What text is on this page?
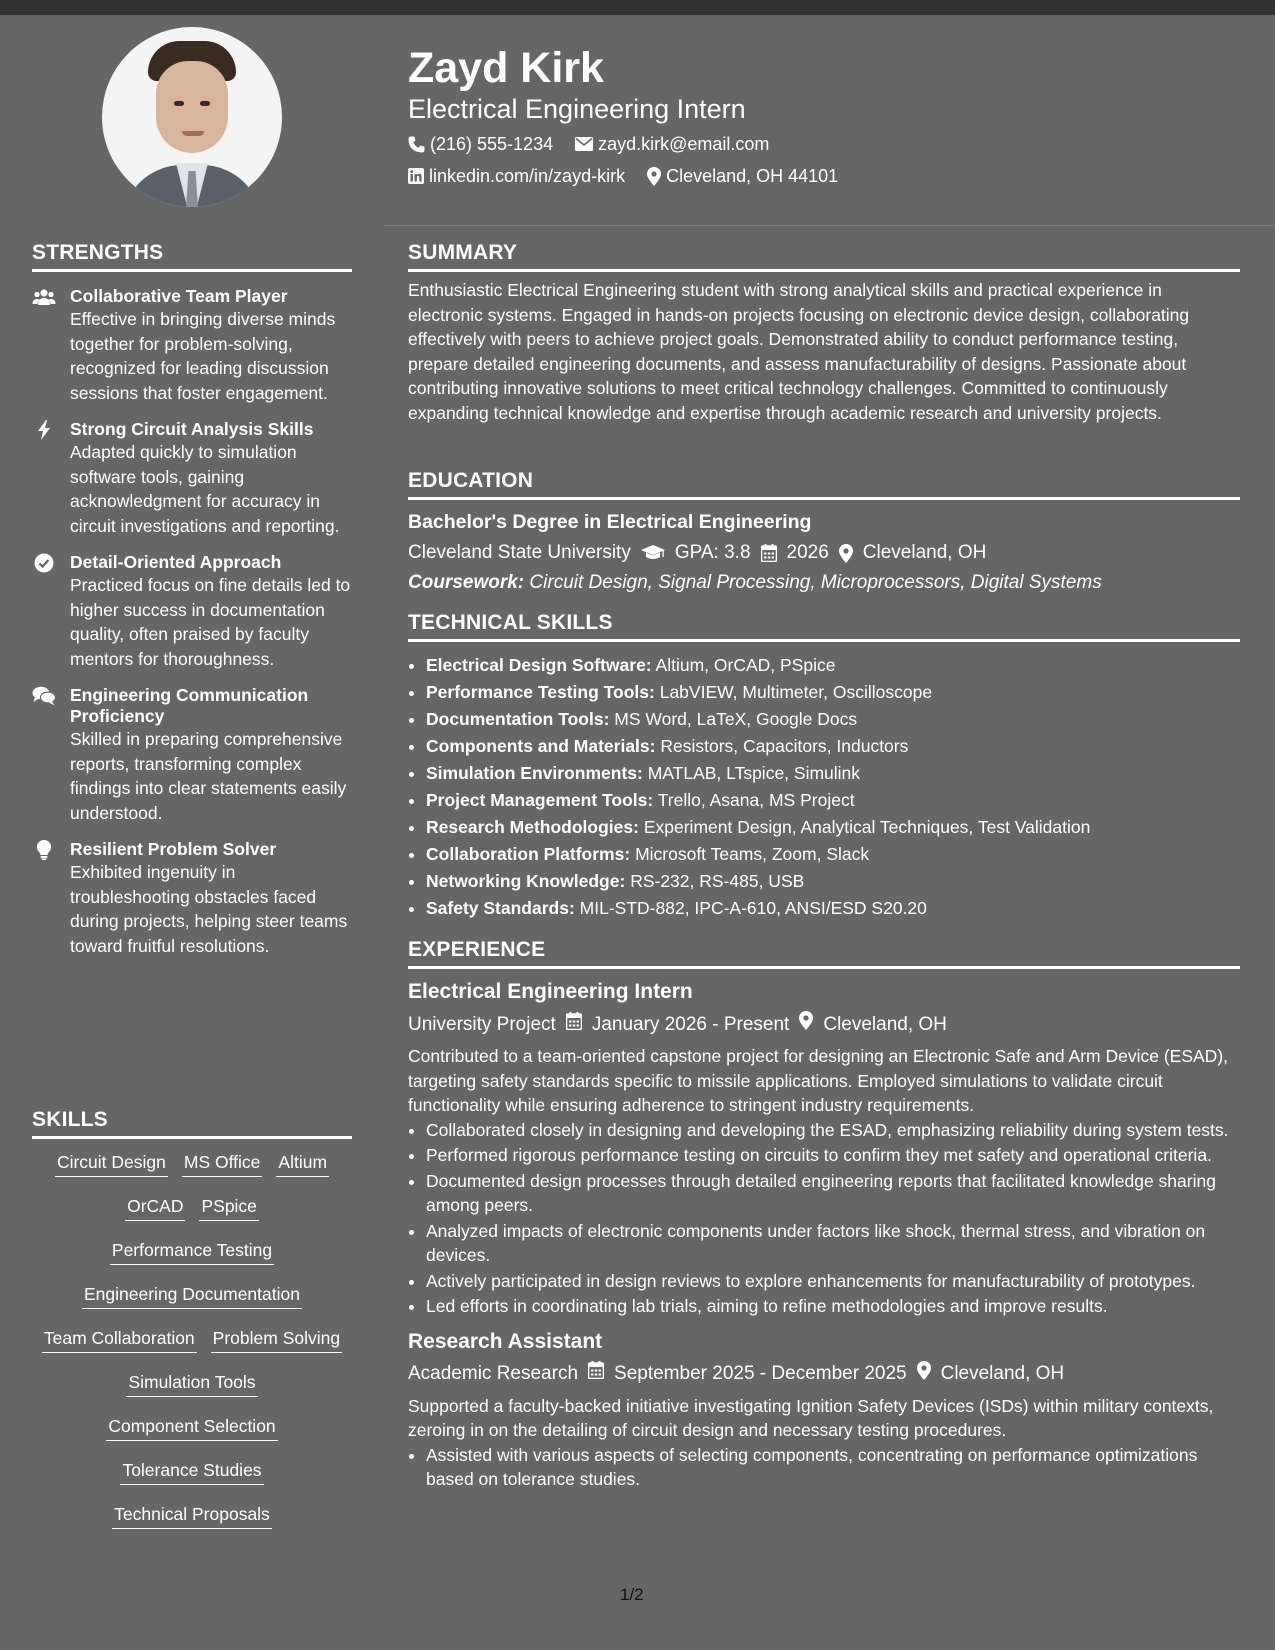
STRENGTHS
Collaborative Team Player
Effective in bringing diverse minds together for problem-solving, recognized for leading discussion sessions that foster engagement.
Strong Circuit Analysis Skills
Adapted quickly to simulation software tools, gaining acknowledgment for accuracy in circuit investigations and reporting.
Detail-Oriented Approach
Practiced focus on fine details led to higher success in documentation quality, often praised by faculty mentors for thoroughness.
Engineering Communication Proficiency
Skilled in preparing comprehensive reports, transforming complex findings into clear statements easily understood.
Resilient Problem Solver
Exhibited ingenuity in troubleshooting obstacles faced during projects, helping steer teams toward fruitful resolutions.
SKILLS
Circuit Design MS Office Altium
OrCAD PSpice
Performance Testing
Engineering Documentation
Team Collaboration Problem Solving
Simulation Tools
Component Selection
Tolerance Studies
Technical Proposals
Zayd Kirk
Electrical Engineering Intern
(216) 555-1234	zayd.kirk@email.com
linkedin.com/in/zayd-kirk Cleveland, OH 44101
SUMMARY
Enthusiastic Electrical Engineering student with strong analytical skills and practical experience in electronic systems. Engaged in hands-on projects focusing on electronic device design, collaborating effectively with peers to achieve project goals. Demonstrated ability to conduct performance testing, prepare detailed engineering documents, and assess manufacturability of designs. Passionate about contributing innovative solutions to meet critical technology challenges. Committed to continuously expanding technical knowledge and expertise through academic research and university projects.
EDUCATION
Bachelor's Degree in Electrical Engineering
Cleveland State University GPA: 3.8 2026 Cleveland, OH
Coursework: Circuit Design, Signal Processing, Microprocessors, Digital Systems
TECHNICAL SKILLS
• Electrical Design Software: Altium, OrCAD, PSpice
• Performance Testing Tools: LabVIEW, Multimeter, Oscilloscope
• Documentation Tools: MS Word, LaTeX, Google Docs
• Components and Materials: Resistors, Capacitors, Inductors
• Simulation Environments: MATLAB, LTspice, Simulink
• Project Management Tools: Trello, Asana, MS Project
• Research Methodologies: Experiment Design, Analytical Techniques, Test Validation
• Collaboration Platforms: Microsoft Teams, Zoom, Slack
• Networking Knowledge: RS-232, RS-485, USB
• Safety Standards: MIL-STD-882, IPC-A-610, ANSI/ESD S20.20
EXPERIENCE
Electrical Engineering Intern
University Project January 2026 - Present Cleveland, OH
Contributed to a team-oriented capstone project for designing an Electronic Safe and Arm Device (ESAD), targeting safety standards specific to missile applications. Employed simulations to validate circuit functionality while ensuring adherence to stringent industry requirements.
• Collaborated closely in designing and developing the ESAD, emphasizing reliability during system tests.
• Performed rigorous performance testing on circuits to confirm they met safety and operational criteria.
• Documented design processes through detailed engineering reports that facilitated knowledge sharing among peers.
• Analyzed impacts of electronic components under factors like shock, thermal stress, and vibration on devices.
• Actively participated in design reviews to explore enhancements for manufacturability of prototypes.
• Led efforts in coordinating lab trials, aiming to refine methodologies and improve results.
Research Assistant
Academic Research September 2025 - December 2025 Cleveland, OH
Supported a faculty-backed initiative investigating Ignition Safety Devices (ISDs) within military contexts, zeroing in on the detailing of circuit design and necessary testing procedures.
• Assisted with various aspects of selecting components, concentrating on performance optimizations based on tolerance studies.
1/2
